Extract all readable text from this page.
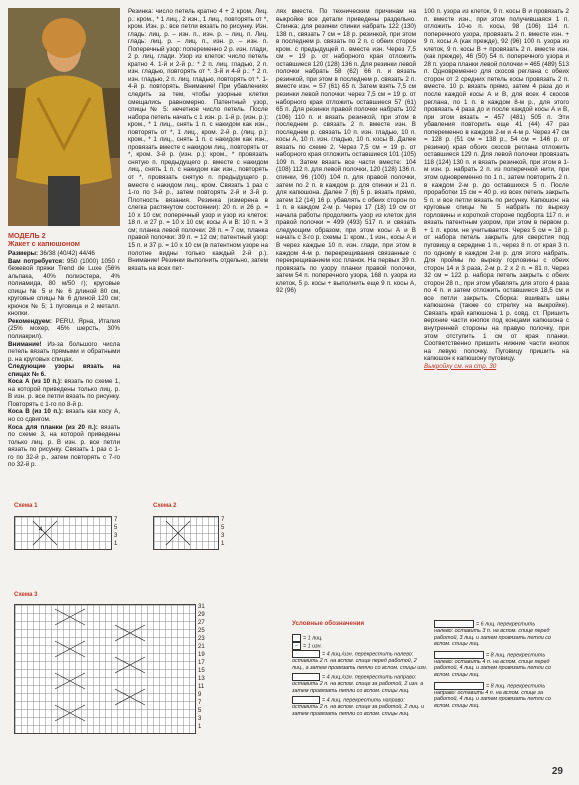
МОДЕЛЬ 2
Жакет с капюшоном

Размеры: 36/38 (40/42) 44/46

Вам потребуется: 950 (1000) 1050 г бежевой пряжи Trend de Luxe (56% альпака, 40% полиэстера, 4% полиамида, 80 м/50 г); круговые спицы № 5 и № 6 длиной 80 см, круговые спицы № 6 длиной 120 см; крючок № 5; 1 пуговица и 2 металл. кнопки.

Рекомендуем: PERU, Ярна, Италия (25% мохер, 45% шерсть, 30% полиакрил).

Внимание! Из-за большого числа петель вязать прямыми и обратными р. на круговых спицах.

Следующие узоры вязать на спицах № 6.

Коса А (из 10 п.): вязать по схеме 1, на которой приведены только лиц. р. В изн. р. все петли вязать по рисунку. Повторять с 1-го по 8-й р.

Коса В (из 10 п.): вязать как косу А, но со сдвигом.

Коса для планки (из 20 п.): вязать по схеме 3, на которой приведены только лиц. р. В изн. р. все петли вязать по рисунку. Связать 1 раз с 1-го по 32-й р., затем повторять с 7-го по 32-й р.

Резинка: число петель кратно 4 + 2 кром. Лиц. р.: кром., * 1 лиц., 2 изн., 1 лиц., повторять от *, кром. Изн. р.: все петли вязать по рисунку. Изн. гладь: лиц. р. – изн. п., изн. р. – лиц. п. Лиц. гладь: лиц. р. – лиц. п., изн. р. – изн. п. Поперечный узор: попеременно 2 р. изн. глади, 2 р. лиц. глади. Узор из клеток: число петель кратно 4. 1-й и 2-й р.: * 2 п. лиц. гладью, 2 п. изн. гладью, повторять от *. 3-й и 4-й р.: * 2 п. изн. гладью, 2 п. лиц. гладью, повторять от *. 1-4-й р. повторять. Внимание! При убавлениях следить за тем, чтобы узорные клетки смещались равномерно. Патентный узор, спицы № 5: нечетное число петель. После набора петель начать с 1 изн. р. 1-й р. (изн. р.): кром., * 1 лиц., снять 1 п. с накидом как изн., повторять от *, 1 лиц., кром. 2-й р. (лиц. р.): кром., * 1 лиц., снять 1 п. с накидом как изн., провязать вместе с накидом лиц., повторять от *, кром. 3-й р. (изн. р.): кром., * провязать снятую п. предыдущего р. вместе с накидом лиц., снять 1 п. с накидом как изн., повторять от *, провязать снятую п. предыдущего р. вместе с накидом лиц., кром. Связать 1 раз с 1-го по 3-й р., затем повторять 2-й и 3-й р. Плотность вязания. Резинка (измерена в слегка растянутом состоянии): 20 п. и 26 р. = 10 х 10 см; поперечный узор и узор из клеток: 18 п. и 27 р. = 10 х 10 см; косы А и В: 10 п. = 3 см; планка левой полочки: 28 п. = 7 см, планка правой полочки: 39 п. = 12 см; патентный узор: 15 п. и 37 р. = 10 х 10 см (в патентном узоре на полотне видны только каждый 2-й р.). Внимание! Резинки выполнить отдельно, затем вязать на всех пет-

лях вместе. По техническим причинам на выкройке все детали приведены раздельно. Спинка: для резинки спинки набрать 122 (130) 138 п., связать 7 см = 18 р. резинкой, при этом в последнем р. связать по 2 п. с обеих сторон кром. с предыдущей п. вместе изн. Через 7,5 см = 19 р. от наборного края отложить оставшиеся 120 (128) 136 п. Для резинки левой полочки набрать 58 (62) 66 п. и вязать резинкой, при этом в последнем р. связать 2 п. вместе изн. = 57 (61) 65 п. Затем взять 7,5 см резинки левой полочки: через 7,5 см = 19 р. от наборного края отложить оставшиеся 57 (61) 65 п. Для резинки правой полочки набрать 102 (106) 110 п. и вязать резинкой, при этом в последнем р. связать 2 п. вместе изн. В последнем р. связать 10 п. изн. гладью, 10 п. косы А, 10 п. изн. гладью, 10 п. косы В. Далее вязать по схеме 2. Через 7,5 см = 19 р. от наборного края отложить оставшиеся 101 (105) 109 п. Затем вязать все части вместе: 104 (108) 112 п. для левой полочки, 120 (128) 136 п. спинки, 96 (100) 104 п. для правой полочки, затем по 2 п. в каждом р. для спинки и 21 п. для капюшона. Далее 7 (6) 5 р. вязать прямо, затем 12 (14) 16 р. убавлять с обеих сторон по 1 п. в каждом 2-м р. Через 17 (18) 19 см от начала работы продолжить узор из клеток для правой полочки = 499 (493) 517 п. и связать следующим образом, при этом косы А и В начать с 3-го р. схемы 1: кром., 1 изн., косы А и В через каждые 10 п. изн. глади, при этом в каждом 4-м р. перекрещивания связанные с перекрещиванием кос планок. На первых 39 п. провязать по узору планки правой полочки, затем 54 п. поперечного узора, 168 п. узора из клеток, 5 р. косы + выполнить еще 9 п. косы А, 92 (96)

100 п. узора из клеток, 9 п. косы В и провязать 2 п. вместе изн., при этом получившаяся 1 п. отложить 10-ю п. косы, 98 (106) 114 п. поперечного узора, провязать 2 п. вместе изн. + 9 п. косы А (как прежде), 92 (96) 100 п. узора из клеток, 9 п. косы В + провязать 2 п. вместе изн. (как прежде), 46 (50) 54 п. поперечного узора и 28 п. узора планки левой полочки = 465 (489) 513 п. Одновременно для скосов реглана с обеих сторон от 2 средних петель косы провязать 2 п. вместе. 10 р. вязать прямо, затем 4 раза до и после каждой косы А и В, для всех 4 скосов реглана, по 1 п. в каждом 8-м р., для этого провязать 4 раза до и после каждой косы А и В, при этом вязать = 457 (481) 505 п. Эти убавления повторить еще 41 (44) 47 раз попеременно в каждом 2-м и 4-м р. Через 47 см = 128 р. (51 см = 138 р., 54 см = 146 р. от резинки) края обоих скосов реглана отложить оставшиеся 129 п. Для левой полочки провязать 118 (124) 130 п. и вязать резинкой, при этом в 1-м изн. р. набрать 2 п. из поперечной нити, при этом одновременно по 1 п., затем повторить 2 п. в каждом 2-м р. до оставшихся 5 п. После проработки 15 см = 40 р. из всех петель закрыть 5 п. и все петли вязать по рисунку. Капюшон: на круговые спицы № 5 набрать по вырезу горловины и короткой стороне подборта 117 п. и вязать патентным узором, при этом в первом р. + 1 п. кром. не учитывается. Через 5 см = 18 р. от набора петель закрыть для сверстия под пуговицу в середине 1 п., через 8 п. от края 3 п. по одному в каждом 2-м р. для этого набрать. Для проймы по вырезу горловины с обеих сторон 14 и 3 раза, 2-м р. 2 х 2 п. = 81 п. Через 32 см = 122 р. набора петель закрыть с обеих сторон 28 п., при этом убавлять для этого 4 раза по 4 п. и затем отложить оставшиеся 18,5 см и все петли закрыть. Сборка: вшивать швы капюшона (также со стрелку на выкройке). Связать край капюшона 1 р. совд. ст. Пришить верхние части кнопок под концами капюшона с внутренней стороны на правую полочку, при этом отступить 1 см от края планки. Соответственно пришить нижние части кнопок на левую полочку. Пуговицу пришить на капюшон к капюшону пуговицу.

Выкройку см. на стр. 30

Схема 1
4
7
5
3
1
Схема 2
7
5
3
1
Схема 3
31
29
27
25
23
21
19
17
15
13
11
9
7
5
3
1
Условные обозначения
= 1 лиц.
– = 1 изн.
= 4 лиц./изн. перекрестить налево: оставить 2 п. на вспом. спице перед работой, 2 лиц., а затем провязать петли со вспом. спицы изн.
= 4 лиц./изн. перекрестить направо: оставить 2 п. на вспом. спице за работой, 2 изн. а затем провязать петли со вспом. спицы лиц.
= 4 лиц. перекрестить направо: оставить 2 п. на вспом. спице за работой, 2 лиц. и затем провязать петли со вспом. спицы лиц.
= 6 лиц. перекрестить налево: оставить 3 п. на вспом. спице перед работой, 3 лиц. и затем провязать петли со вспом. спицы лиц.
= 8 лиц. перекрестить налево: оставить 4 п. на вспом. спице перед работой, 4 лиц. и затем провязать петли со вспом. спицы лиц.
= 8 лиц. перекрестить направо: оставить 4 п. на вспом. спице за работой, 4 лиц. и затем провязать петли со вспом. спицы лиц.
29
